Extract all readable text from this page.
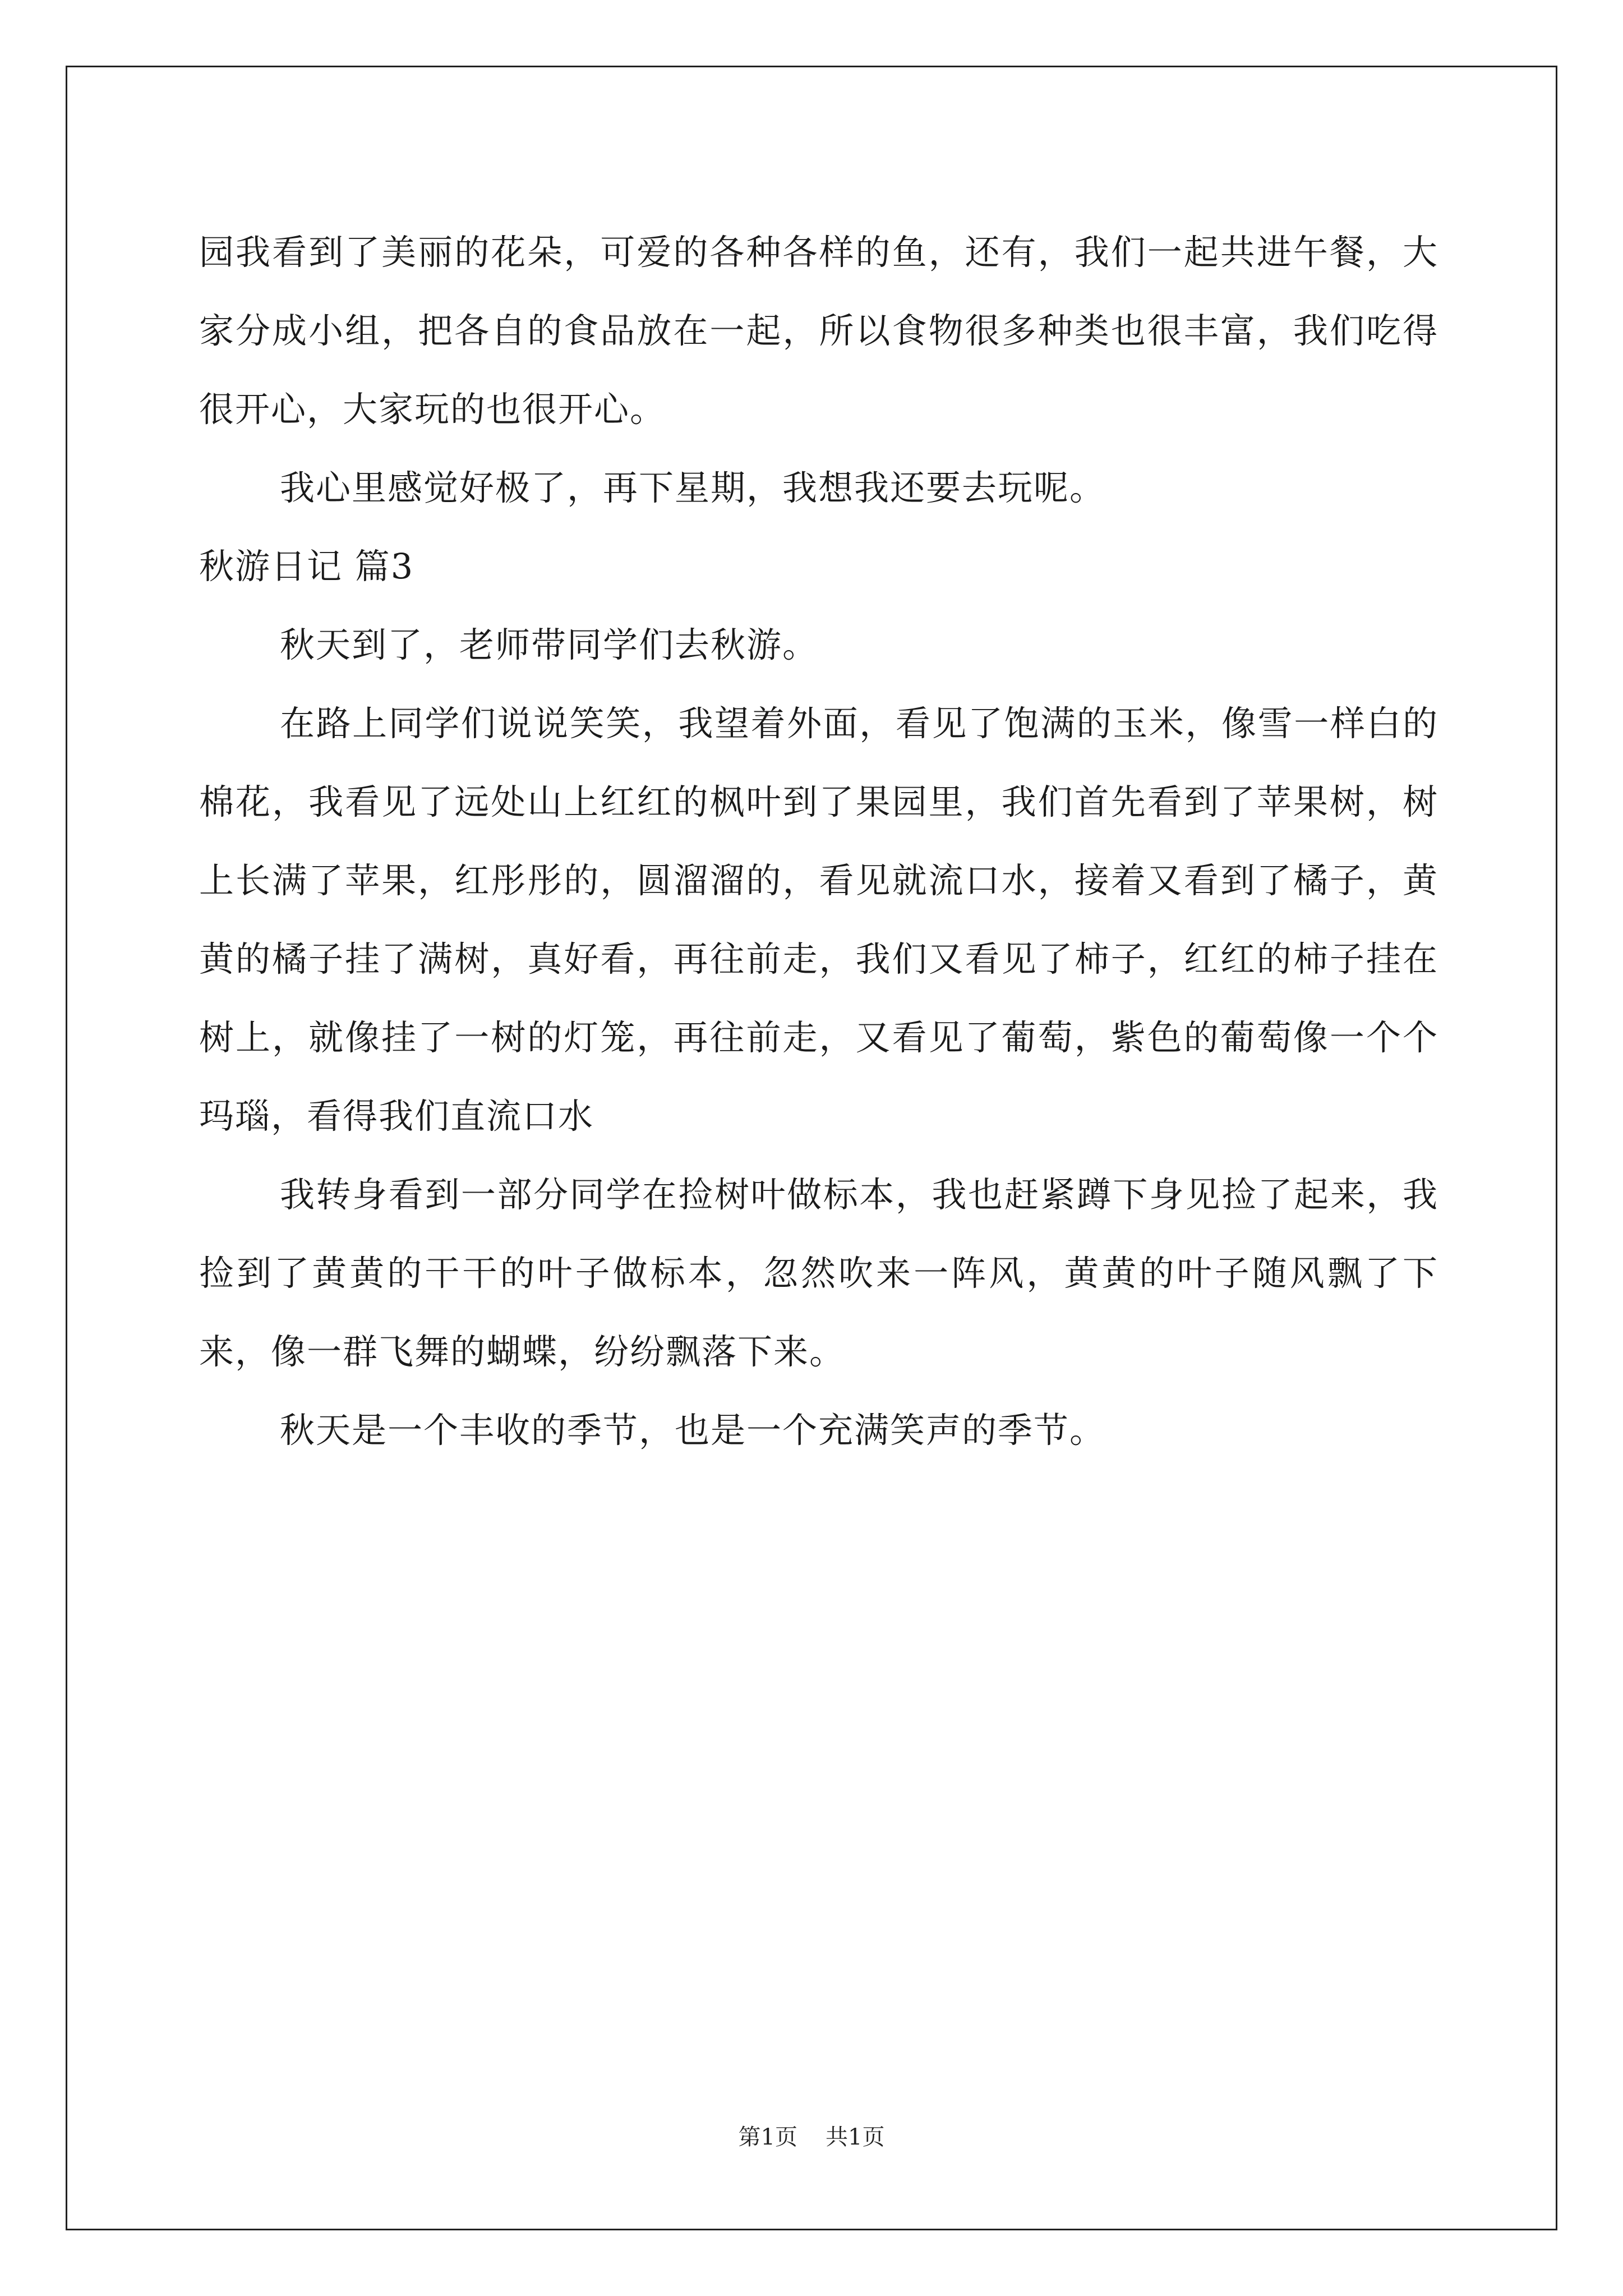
园我看到了美丽的花朵，可爱的各种各样的鱼，还有，我们一起共进午餐，大家分成小组，把各自的食品放在一起，所以食物很多种类也很丰富，我们吃得很开心，大家玩的也很开心。

我心里感觉好极了，再下星期，我想我还要去玩呢。

秋游日记 篇3

秋天到了，老师带同学们去秋游。

在路上同学们说说笑笑，我望着外面，看见了饱满的玉米，像雪一样白的棉花，我看见了远处山上红红的枫叶到了果园里，我们首先看到了苹果树，树上长满了苹果，红彤彤的，圆溜溜的，看见就流口水，接着又看到了橘子，黄黄的橘子挂了满树，真好看，再往前走，我们又看见了柿子，红红的柿子挂在树上，就像挂了一树的灯笼，再往前走，又看见了葡萄，紫色的葡萄像一个个玛瑙，看得我们直流口水

我转身看到一部分同学在捡树叶做标本，我也赶紧蹲下身见捡了起来，我捡到了黄黄的干干的叶子做标本，忽然吹来一阵风，黄黄的叶子随风飘了下来，像一群飞舞的蝴蝶，纷纷飘落下来。

秋天是一个丰收的季节，也是一个充满笑声的季节。

第1页 共1页
